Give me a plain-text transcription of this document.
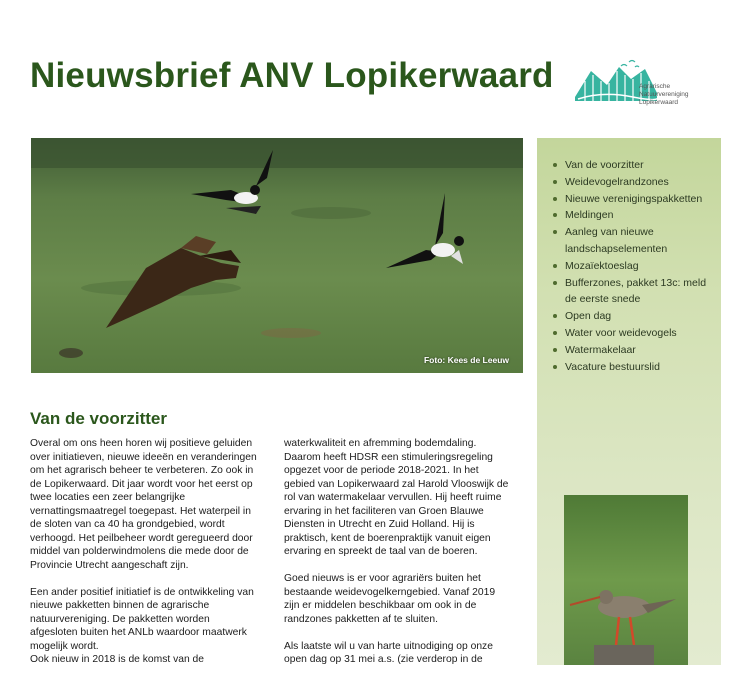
Nieuwsbrief ANV Lopikerwaard	Agrarische
Natuurvereniging
Lopikerwaard
Foto: Kees de Leeuw
Van de voorzitter
Weidevogelrandzones
Nieuwe verenigingspakketten
Meldingen
Aanleg van nieuwe landschapselementen
Mozaïektoeslag
Bufferzones, pakket 13c: meld de eerste snede
Open dag
Water voor weidevogels
Watermakelaar
Vacature bestuurslid
Van de voorzitter

Overal om ons heen horen wij positieve geluiden over initiatieven, nieuwe ideeën en veranderingen om het agrarisch beheer te verbeteren. Zo ook in de Lopikerwaard. Dit jaar wordt voor het eerst op twee locaties een zeer belangrijke vernattingsmaatregel toegepast. Het waterpeil in de sloten van ca 40 ha grondgebied, wordt verhoogd. Het peilbeheer wordt geregueerd door middel van polderwindmolens die mede door de Provincie Utrecht aangeschaft zijn.

Een ander positief initiatief is de ontwikkeling van nieuwe pakketten binnen de agrarische natuurvereniging. De pakketten worden afgesloten buiten het ANLb waardoor maatwerk mogelijk wordt.

Ook nieuw in 2018 is de komst van de

waterkwaliteit en afremming bodemdaling. Daarom heeft HDSR een stimuleringsregeling opgezet voor de periode 2018-2021. In het gebied van Lopikerwaard zal Harold Vlooswijk de rol van watermakelaar vervullen. Hij heeft ruime ervaring in het faciliteren van Groen Blauwe Diensten in Utrecht en Zuid Holland. Hij is praktisch, kent de boerenpraktijk vanuit eigen ervaring en spreekt de taal van de boeren.

Goed nieuws is er voor agrariërs buiten het bestaande weidevogelkerngebied. Vanaf 2019 zijn er middelen beschikbaar om ook in de randzones pakketten af te sluiten.

Als laatste wil u van harte uitnodiging op onze open dag op 31 mei a.s. (zie verderop in de
